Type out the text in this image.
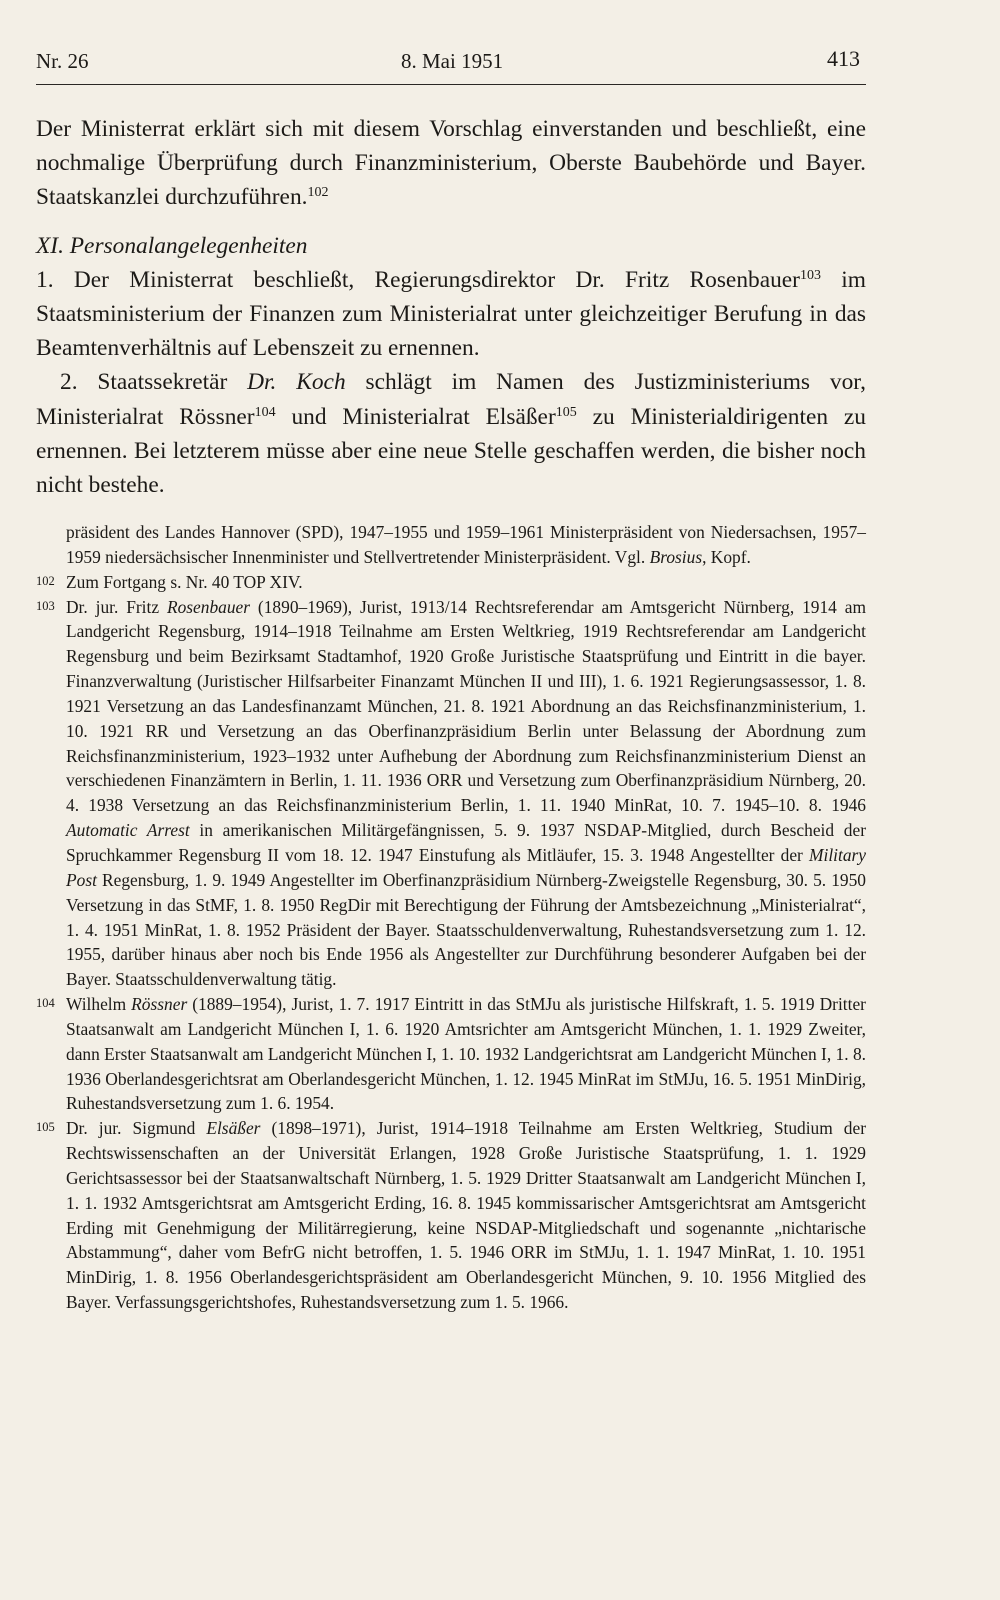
Nr. 26	8. Mai 1951	413

Der Ministerrat erklärt sich mit diesem Vorschlag einverstanden und beschließt, eine nochmalige Überprüfung durch Finanzministerium, Oberste Baubehörde und Bayer. Staatskanzlei durchzuführen.$^{102}$

XI. Personalangelegenheiten

1. Der Ministerrat beschließt, Regierungsdirektor Dr. Fritz Rosenbauer$^{103}$ im Staatsministerium der Finanzen zum Ministerialrat unter gleichzeitiger Berufung in das Beamtenverhältnis auf Lebenszeit zu ernennen.

2. Staatssekretär Dr. Koch schlägt im Namen des Justizministeriums vor, Ministerialrat Rössner$^{104}$ und Ministerialrat Elsäßer$^{105}$ zu Ministerialdirigenten zu ernennen. Bei letzterem müsse aber eine neue Stelle geschaffen werden, die bisher noch nicht bestehe.

präsident des Landes Hannover (SPD), 1947–1955 und 1959–1961 Ministerpräsident von Niedersachsen, 1957–1959 niedersächsischer Innenminister und Stellvertretender Ministerpräsident. Vgl. Brosius, Kopf.

102 Zum Fortgang s. Nr. 40 TOP XIV.
103 Dr. jur. Fritz Rosenbauer (1890–1969), Jurist, 1913/14 Rechtsreferendar am Amtsgericht Nürnberg, 1914 am Landgericht Regensburg, 1914–1918 Teilnahme am Ersten Weltkrieg, 1919 Rechtsreferendar am Landgericht Regensburg und beim Bezirksamt Stadtamhof, 1920 Große Juristische Staatsprüfung und Eintritt in die bayer. Finanzverwaltung (Juristischer Hilfsarbeiter Finanzamt München II und III), 1. 6. 1921 Regierungsassessor, 1. 8. 1921 Versetzung an das Landesfinanzamt München, 21. 8. 1921 Abordnung an das Reichsfinanzministerium, 1. 10. 1921 RR und Versetzung an das Oberfinanzpräsidium Berlin unter Belassung der Abordnung zum Reichsfinanzministerium, 1923–1932 unter Aufhebung der Abordnung zum Reichsfinanzministerium Dienst an verschiedenen Finanzämtern in Berlin, 1. 11. 1936 ORR und Versetzung zum Oberfinanzpräsidium Nürnberg, 20. 4. 1938 Versetzung an das Reichsfinanzministerium Berlin, 1. 11. 1940 MinRat, 10. 7. 1945–10. 8. 1946 Automatic Arrest in amerikanischen Militärgefängnissen, 5. 9. 1937 NSDAP-Mitglied, durch Bescheid der Spruchkammer Regensburg II vom 18. 12. 1947 Einstufung als Mitläufer, 15. 3. 1948 Angestellter der Military Post Regensburg, 1. 9. 1949 Angestellter im Oberfinanzpräsidium Nürnberg-Zweigstelle Regensburg, 30. 5. 1950 Versetzung in das StMF, 1. 8. 1950 RegDir mit Berechtigung der Führung der Amtsbezeichnung „Ministerialrat“, 1. 4. 1951 MinRat, 1. 8. 1952 Präsident der Bayer. Staatsschuldenverwaltung, Ruhestandsversetzung zum 1. 12. 1955, darüber hinaus aber noch bis Ende 1956 als Angestellter zur Durchführung besonderer Aufgaben bei der Bayer. Staatsschuldenverwaltung tätig.
104 Wilhelm Rössner (1889–1954), Jurist, 1. 7. 1917 Eintritt in das StMJu als juristische Hilfskraft, 1. 5. 1919 Dritter Staatsanwalt am Landgericht München I, 1. 6. 1920 Amtsrichter am Amtsgericht München, 1. 1. 1929 Zweiter, dann Erster Staatsanwalt am Landgericht München I, 1. 10. 1932 Landgerichtsrat am Landgericht München I, 1. 8. 1936 Oberlandesgerichtsrat am Oberlandesgericht München, 1. 12. 1945 MinRat im StMJu, 16. 5. 1951 MinDirig, Ruhestandsversetzung zum 1. 6. 1954.
105 Dr. jur. Sigmund Elsäßer (1898–1971), Jurist, 1914–1918 Teilnahme am Ersten Weltkrieg, Studium der Rechtswissenschaften an der Universität Erlangen, 1928 Große Juristische Staatsprüfung, 1. 1. 1929 Gerichtsassessor bei der Staatsanwaltschaft Nürnberg, 1. 5. 1929 Dritter Staatsanwalt am Landgericht München I, 1. 1. 1932 Amtsgerichtsrat am Amtsgericht Erding, 16. 8. 1945 kommissarischer Amtsgerichtsrat am Amtsgericht Erding mit Genehmigung der Militärregierung, keine NSDAP-Mitgliedschaft und sogenannte „nichtarische Abstammung“, daher vom BefrG nicht betroffen, 1. 5. 1946 ORR im StMJu, 1. 1. 1947 MinRat, 1. 10. 1951 MinDirig, 1. 8. 1956 Oberlandesgerichtspräsident am Oberlandesgericht München, 9. 10. 1956 Mitglied des Bayer. Verfassungsgerichtshofes, Ruhestandsversetzung zum 1. 5. 1966.
